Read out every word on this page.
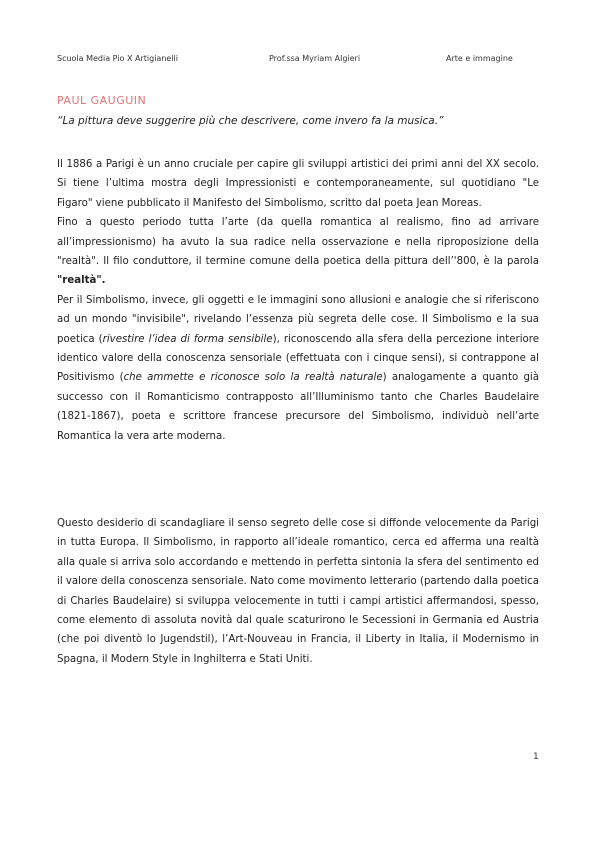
Scuola Media Pio X Artigianelli	Prof.ssa Myriam Algieri	Arte e immagine
PAUL GAUGUIN
“La pittura deve suggerire più che descrivere, come invero fa la musica.”

Il 1886 a Parigi è un anno cruciale per capire gli sviluppi artistici dei primi anni del XX secolo. Si tiene l’ultima mostra degli Impressionisti e contemporaneamente, sul quotidiano "Le Figaro" viene pubblicato il Manifesto del Simbolismo, scritto dal poeta Jean Moreas.

Fino a questo periodo tutta l’arte (da quella romantica al realismo, fino ad arrivare all’impressionismo) ha avuto la sua radice nella osservazione e nella riproposizione della "realtà". Il filo conduttore, il termine comune della poetica della pittura dell’'800, è la parola "realtà".

Per il Simbolismo, invece, gli oggetti e le immagini sono allusioni e analogie che si riferiscono ad un mondo "invisibile", rivelando l’essenza più segreta delle cose. Il Simbolismo e la sua poetica (rivestire l’idea di forma sensibile), riconoscendo alla sfera della percezione interiore identico valore della conoscenza sensoriale (effettuata con i cinque sensi), si contrappone al Positivismo (che ammette e riconosce solo la realtà naturale) analogamente a quanto già successo con il Romanticismo contrapposto all’Illuminismo tanto che Charles Baudelaire (1821-1867), poeta e scrittore francese precursore del Simbolismo, individuò nell’arte Romantica la vera arte moderna.

Questo desiderio di scandagliare il senso segreto delle cose si diffonde velocemente da Parigi in tutta Europa. Il Simbolismo, in rapporto all’ideale romantico, cerca ed afferma una realtà alla quale si arriva solo accordando e mettendo in perfetta sintonia la sfera del sentimento ed il valore della conoscenza sensoriale. Nato come movimento letterario (partendo dalla poetica di Charles Baudelaire) si sviluppa velocemente in tutti i campi artistici affermandosi, spesso, come elemento di assoluta novità dal quale scaturirono le Secessioni in Germania ed Austria (che poi diventò lo Jugendstil), l’Art-Nouveau in Francia, il Liberty in Italia, il Modernismo in Spagna, il Modern Style in Inghilterra e Stati Uniti.

1
